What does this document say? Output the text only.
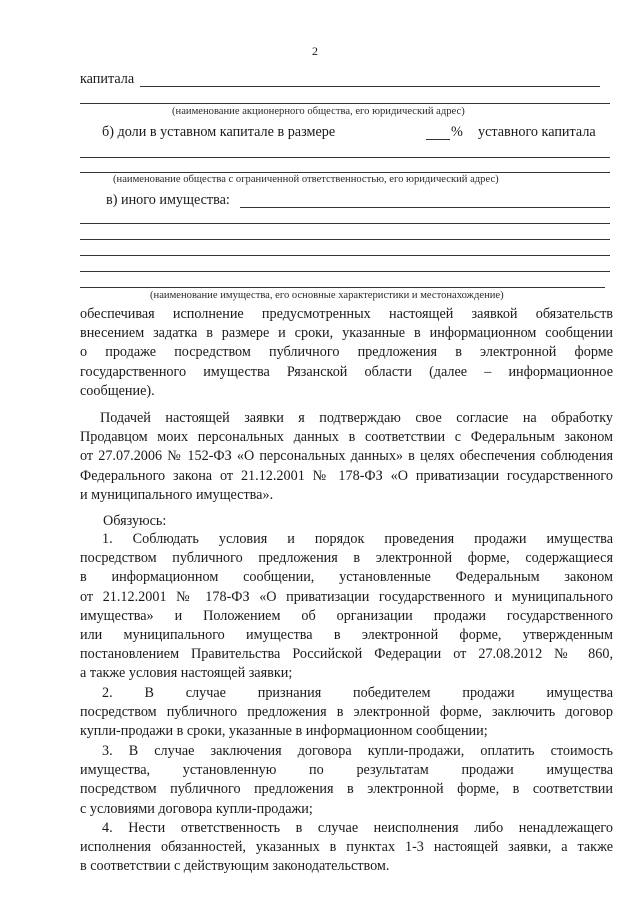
2
капитала
(наименование акционерного общества, его юридический адрес)
б) доли в уставном капитале в размере	% уставного капитала
(наименование общества с ограниченной ответственностью, его юридический адрес)
в) иного имущества:
(наименование имущества, его основные характеристики и местонахождение)
обеспечивая исполнение предусмотренных настоящей заявкой обязательств
внесением задатка в размере и сроки, указанные в информационном сообщении
о продаже посредством публичного предложения в электронной форме
государственного имущества Рязанской области (далее – информационное
сообщение).
Подачей настоящей заявки я подтверждаю свое согласие на обработку
Продавцом моих персональных данных в соответствии с Федеральным законом
от 27.07.2006 № 152-ФЗ «О персональных данных» в целях обеспечения соблюдения
Федерального закона от 21.12.2001 № 178-ФЗ «О приватизации государственного
и муниципального имущества».
Обязуюсь:
1. Соблюдать условия и порядок проведения продажи имущества
посредством публичного предложения в электронной форме, содержащиеся
в информационном сообщении, установленные Федеральным законом
от 21.12.2001 № 178-ФЗ «О приватизации государственного и муниципального
имущества» и Положением об организации продажи государственного
или муниципального имущества в электронной форме, утвержденным
постановлением Правительства Российской Федерации от 27.08.2012 № 860,
а также условия настоящей заявки;
2. В случае признания победителем продажи имущества
посредством публичного предложения в электронной форме, заключить договор
купли-продажи в сроки, указанные в информационном сообщении;
3. В случае заключения договора купли-продажи, оплатить стоимость
имущества, установленную по результатам продажи имущества
посредством публичного предложения в электронной форме, в соответствии
с условиями договора купли-продажи;
4. Нести ответственность в случае неисполнения либо ненадлежащего
исполнения обязанностей, указанных в пунктах 1-3 настоящей заявки, а также
в соответствии с действующим законодательством.
